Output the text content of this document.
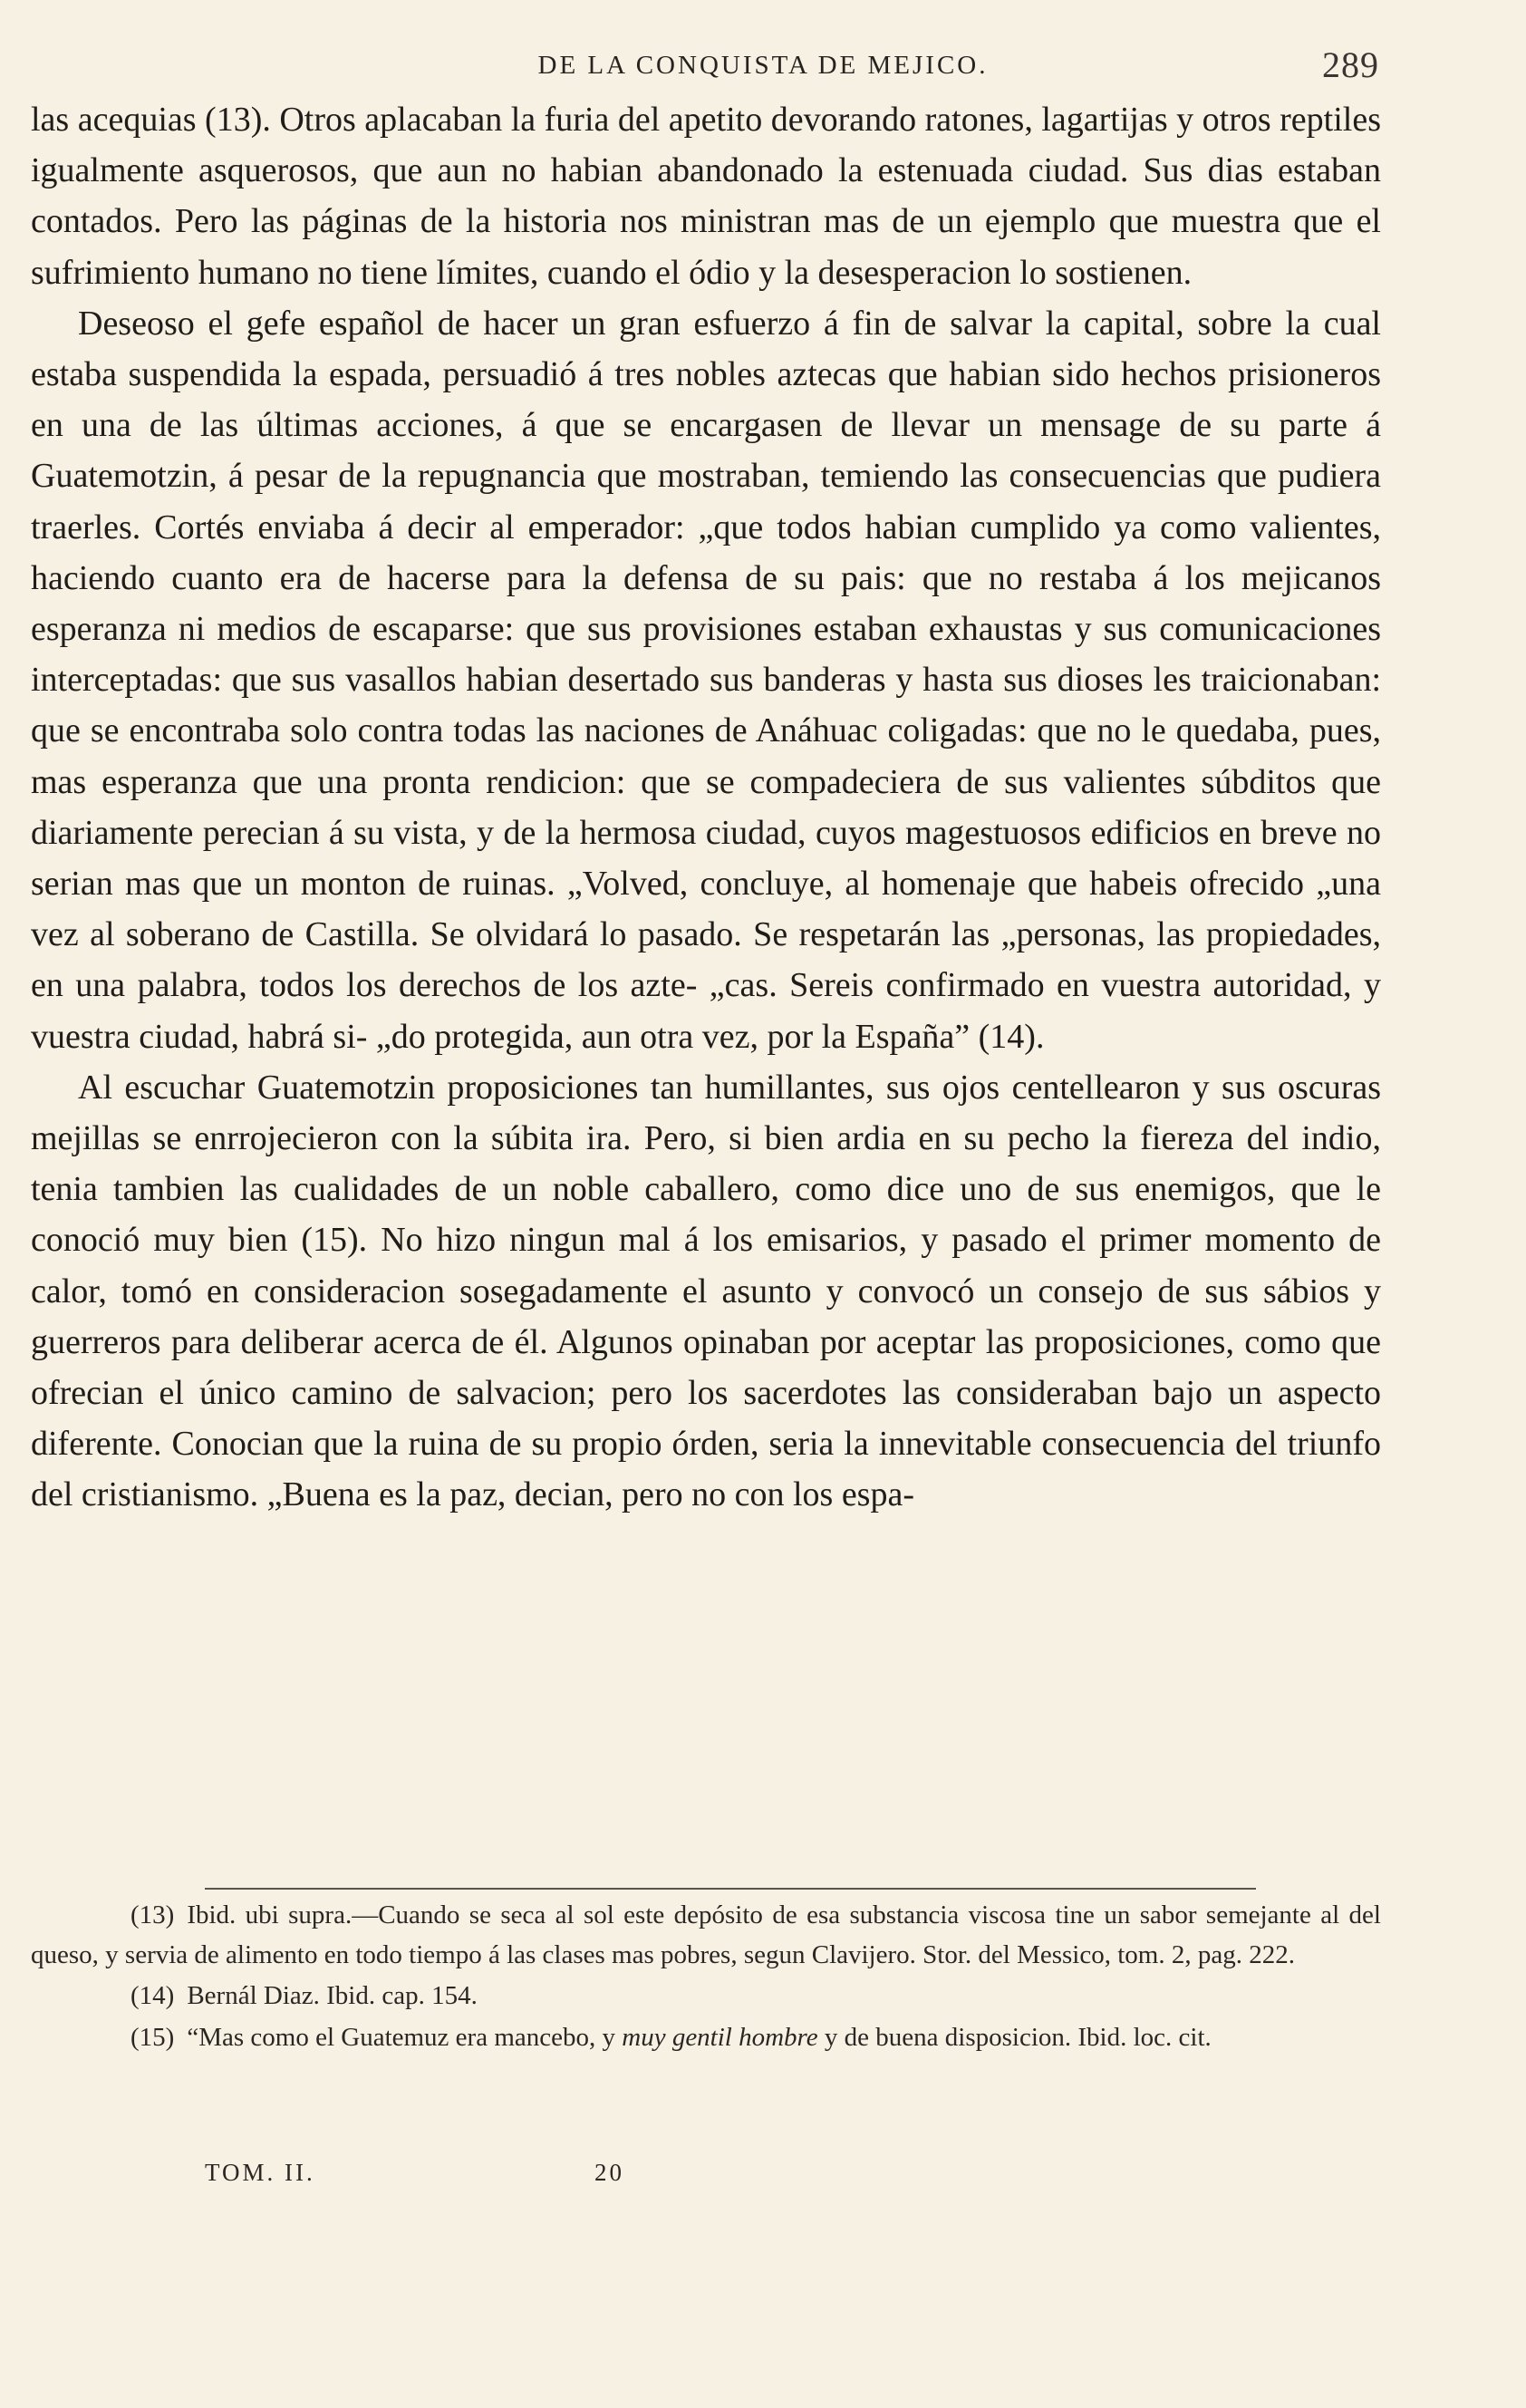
DE LA CONQUISTA DE MEJICO.	289

las acequias (13). Otros aplacaban la furia del apetito devorando ratones, lagartijas y otros reptiles igualmente asquerosos, que aun no habian abandonado la estenuada ciudad. Sus dias estaban contados. Pero las páginas de la historia nos ministran mas de un ejemplo que muestra que el sufrimiento humano no tiene límites, cuando el ódio y la desesperacion lo sostienen.

Deseoso el gefe español de hacer un gran esfuerzo á fin de salvar la capital, sobre la cual estaba suspendida la espada, persuadió á tres nobles aztecas que habian sido hechos prisioneros en una de las últimas acciones, á que se encargasen de llevar un mensage de su parte á Guatemotzin, á pesar de la repugnancia que mostraban, temiendo las consecuencias que pudiera traerles. Cortés enviaba á decir al emperador: „que todos habian cumplido ya como valientes, haciendo cuanto era de hacerse para la defensa de su pais: que no restaba á los mejicanos esperanza ni medios de escaparse: que sus provisiones estaban exhaustas y sus comunicaciones interceptadas: que sus vasallos habian desertado sus banderas y hasta sus dioses les traicionaban: que se encontraba solo contra todas las naciones de Anáhuac coligadas: que no le quedaba, pues, mas esperanza que una pronta rendicion: que se compadeciera de sus valientes súbditos que diariamente perecian á su vista, y de la hermosa ciudad, cuyos magestuosos edificios en breve no serian mas que un monton de ruinas. „Volved, concluye, al homenaje que habeis ofrecido „una vez al soberano de Castilla. Se olvidará lo pasado. Se respetarán las „personas, las propiedades, en una palabra, todos los derechos de los azte- „cas. Sereis confirmado en vuestra autoridad, y vuestra ciudad, habrá si- „do protegida, aun otra vez, por la España” (14).

Al escuchar Guatemotzin proposiciones tan humillantes, sus ojos centellearon y sus oscuras mejillas se enrrojecieron con la súbita ira. Pero, si bien ardia en su pecho la fiereza del indio, tenia tambien las cualidades de un noble caballero, como dice uno de sus enemigos, que le conoció muy bien (15). No hizo ningun mal á los emisarios, y pasado el primer momento de calor, tomó en consideracion sosegadamente el asunto y convocó un consejo de sus sábios y guerreros para deliberar acerca de él. Algunos opinaban por aceptar las proposiciones, como que ofrecian el único camino de salvacion; pero los sacerdotes las consideraban bajo un aspecto diferente. Conocian que la ruina de su propio órden, seria la innevitable consecuencia del triunfo del cristianismo. „Buena es la paz, decian, pero no con los espa-

(13) Ibid. ubi supra.—Cuando se seca al sol este depósito de esa substancia viscosa tine un sabor semejante al del queso, y servia de alimento en todo tiempo á las clases mas pobres, segun Clavijero. Stor. del Messico, tom. 2, pag. 222.

(14) Bernál Diaz. Ibid. cap. 154.

(15) “Mas como el Guatemuz era mancebo, y muy gentil hombre y de buena disposicion. Ibid. loc. cit.

TOM. II.	20
